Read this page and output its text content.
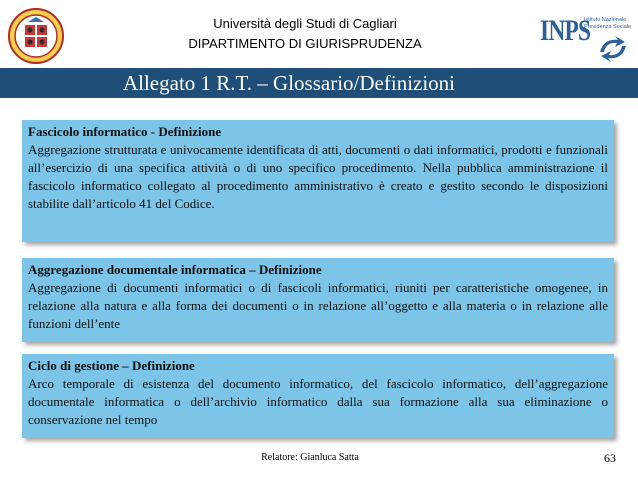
Università degli Studi di Cagliari
DIPARTIMENTO DI GIURISPRUDENZA	INPS
Istituto Nazionale
Previdenza Sociale
Allegato 1 R.T. – Glossario/Definizioni
Fascicolo informatico - Definizione
Aggregazione strutturata e univocamente identificata di atti, documenti o dati informatici, prodotti e funzionali all’esercizio di una specifica attività o di uno specifico procedimento. Nella pubblica amministrazione il fascicolo informatico collegato al procedimento amministrativo è creato e gestito secondo le disposizioni stabilite dall’articolo 41 del Codice.
Aggregazione documentale informatica – Definizione
Aggregazione di documenti informatici o di fascicoli informatici, riuniti per caratteristiche omogenee, in relazione alla natura e alla forma dei documenti o in relazione all’oggetto e alla materia o in relazione alle funzioni dell’ente
Ciclo di gestione – Definizione
Arco temporale di esistenza del documento informatico, del fascicolo informatico, dell’aggregazione documentale informatica o dell’archivio informatico dalla sua formazione alla sua eliminazione o conservazione nel tempo
Relatore: Gianluca Satta	63
